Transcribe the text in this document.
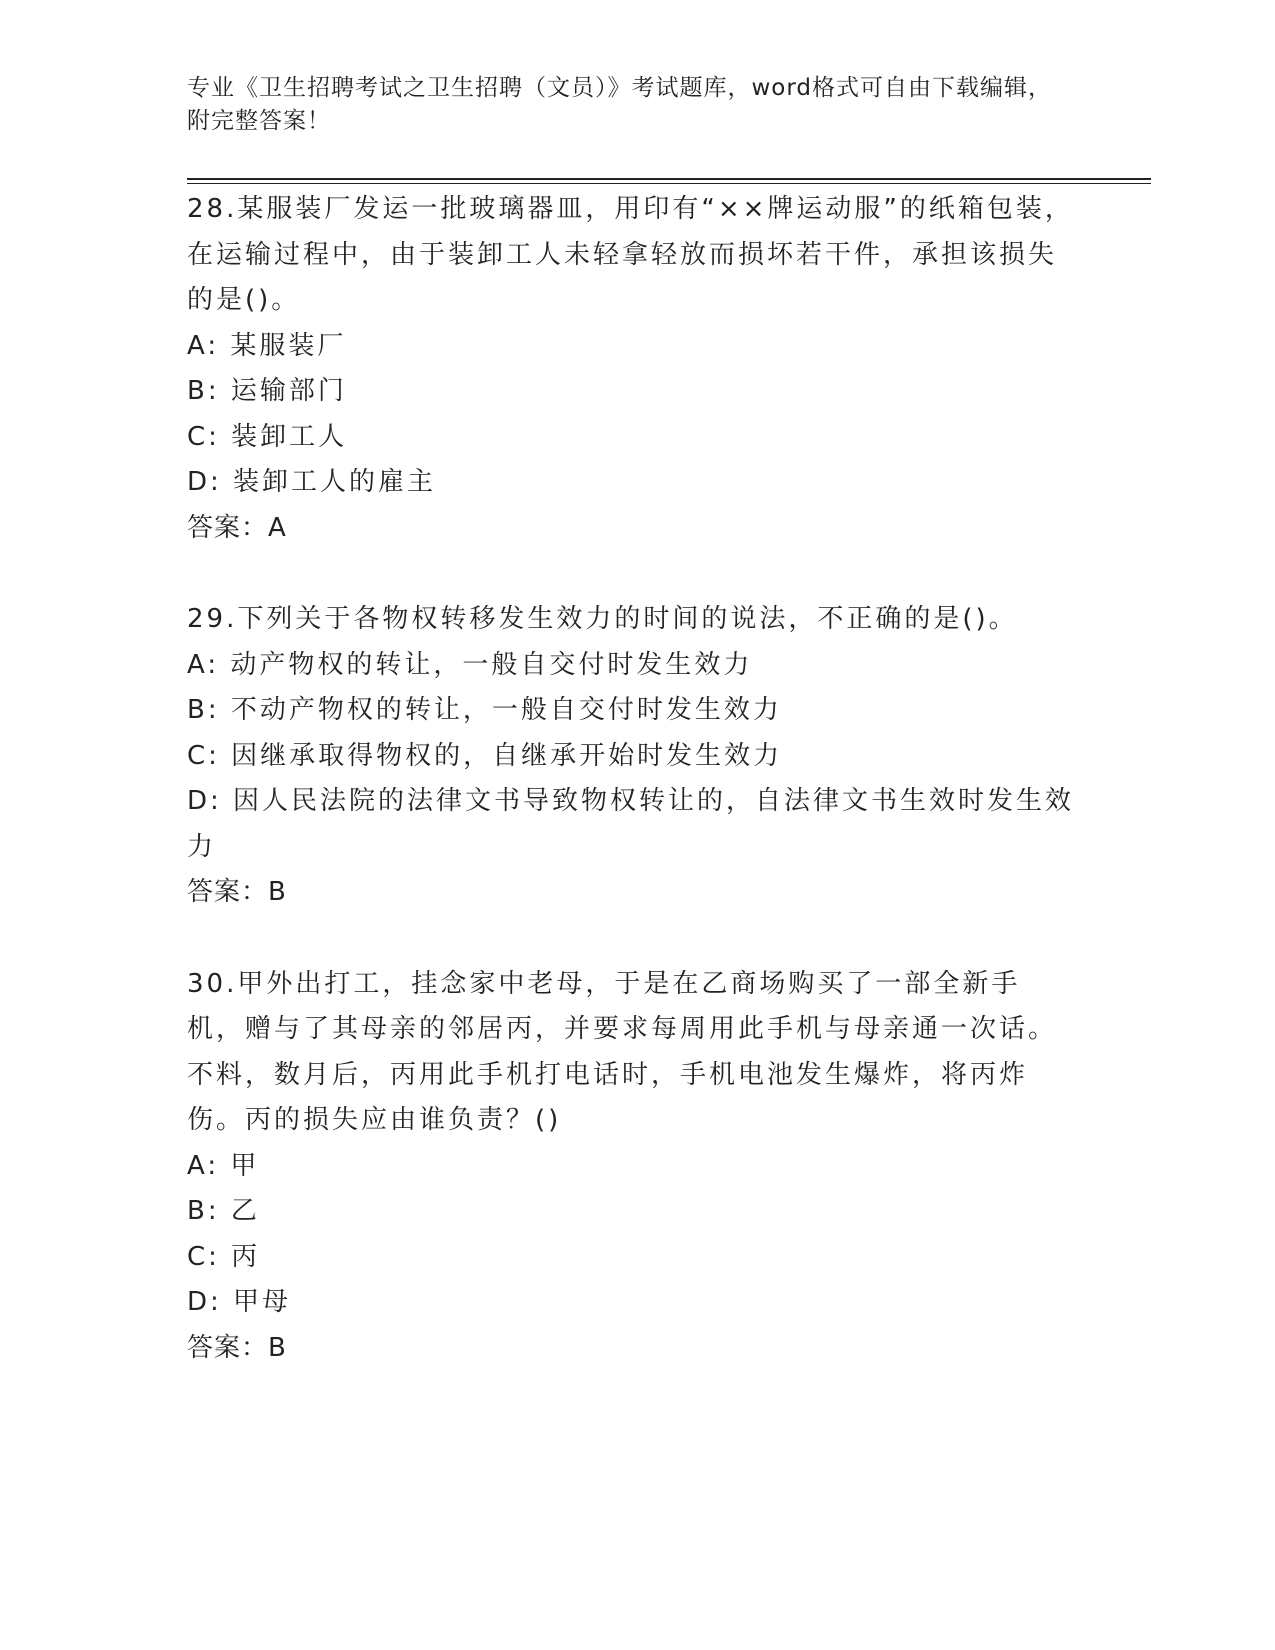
专业《卫生招聘考试之卫生招聘（文员）》考试题库，word格式可自由下载编辑，附完整答案！
28.某服装厂发运一批玻璃器皿，用印有“××牌运动服”的纸箱包装，在运输过程中，由于装卸工人未轻拿轻放而损坏若干件，承担该损失的是()。
A: 某服装厂
B: 运输部门
C: 装卸工人
D: 装卸工人的雇主
答案：A
29.下列关于各物权转移发生效力的时间的说法，不正确的是()。
A: 动产物权的转让，一般自交付时发生效力
B: 不动产物权的转让，一般自交付时发生效力
C: 因继承取得物权的，自继承开始时发生效力
D: 因人民法院的法律文书导致物权转让的，自法律文书生效时发生效力
答案：B
30.甲外出打工，挂念家中老母，于是在乙商场购买了一部全新手机，赠与了其母亲的邻居丙，并要求每周用此手机与母亲通一次话。不料，数月后，丙用此手机打电话时，手机电池发生爆炸，将丙炸伤。丙的损失应由谁负责？()
A: 甲
B: 乙
C: 丙
D: 甲母
答案：B
